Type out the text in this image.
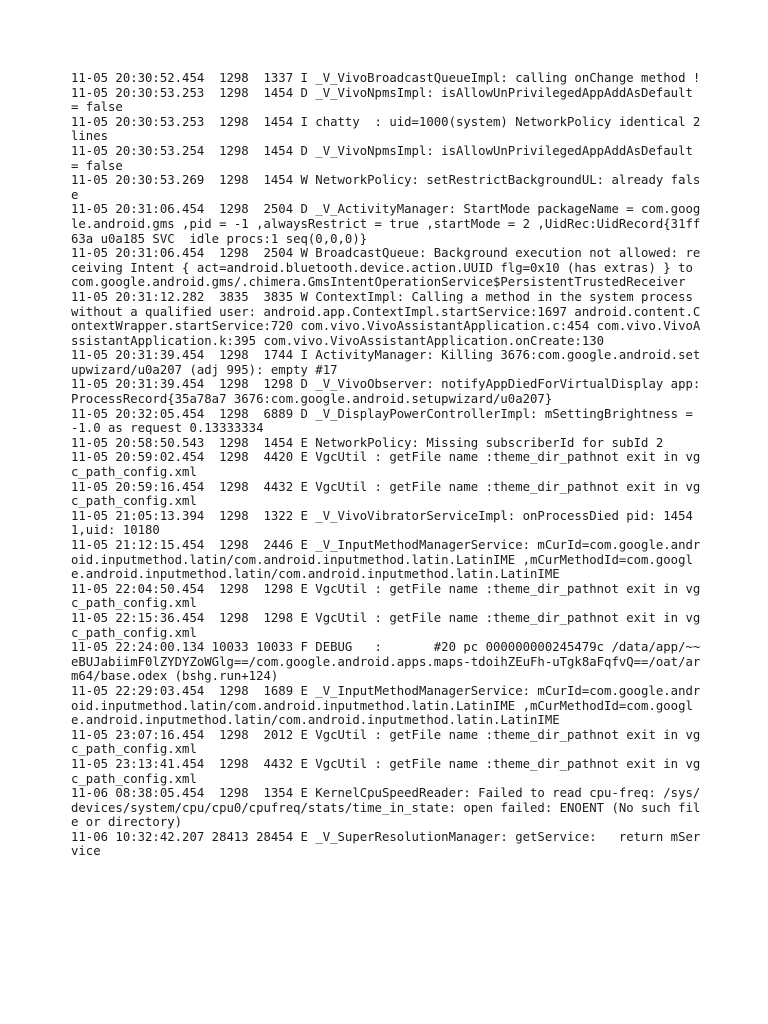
11-05 20:30:52.454  1298  1337 I _V_VivoBroadcastQueueImpl: calling onChange method !

11-05 20:30:53.253  1298  1454 D _V_VivoNpmsImpl: isAllowUnPrivilegedAppAddAsDefault = false

11-05 20:30:53.253  1298  1454 I chatty  : uid=1000(system) NetworkPolicy identical 2 lines

11-05 20:30:53.254  1298  1454 D _V_VivoNpmsImpl: isAllowUnPrivilegedAppAddAsDefault = false

11-05 20:30:53.269  1298  1454 W NetworkPolicy: setRestrictBackgroundUL: already false

11-05 20:31:06.454  1298  2504 D _V_ActivityManager: StartMode packageName = com.google.android.gms ,pid = -1 ,alwaysRestrict = true ,startMode = 2 ,UidRec:UidRecord{31ff63a u0a185 SVC  idle procs:1 seq(0,0,0)}

11-05 20:31:06.454  1298  2504 W BroadcastQueue: Background execution not allowed: receiving Intent { act=android.bluetooth.device.action.UUID flg=0x10 (has extras) } to com.google.android.gms/.chimera.GmsIntentOperationService$PersistentTrustedReceiver

11-05 20:31:12.282  3835  3835 W ContextImpl: Calling a method in the system process without a qualified user: android.app.ContextImpl.startService:1697 android.content.ContextWrapper.startService:720 com.vivo.VivoAssistantApplication.c:454 com.vivo.VivoAssistantApplication.k:395 com.vivo.VivoAssistantApplication.onCreate:130

11-05 20:31:39.454  1298  1744 I ActivityManager: Killing 3676:com.google.android.setupwizard/u0a207 (adj 995): empty #17

11-05 20:31:39.454  1298  1298 D _V_VivoObserver: notifyAppDiedForVirtualDisplay app: ProcessRecord{35a78a7 3676:com.google.android.setupwizard/u0a207}

11-05 20:32:05.454  1298  6889 D _V_DisplayPowerControllerImpl: mSettingBrightness = -1.0 as request 0.13333334

11-05 20:58:50.543  1298  1454 E NetworkPolicy: Missing subscriberId for subId 2

11-05 20:59:02.454  1298  4420 E VgcUtil : getFile name :theme_dir_pathnot exit in vgc_path_config.xml

11-05 20:59:16.454  1298  4432 E VgcUtil : getFile name :theme_dir_pathnot exit in vgc_path_config.xml

11-05 21:05:13.394  1298  1322 E _V_VivoVibratorServiceImpl: onProcessDied pid: 14541,uid: 10180

11-05 21:12:15.454  1298  2446 E _V_InputMethodManagerService: mCurId=com.google.android.inputmethod.latin/com.android.inputmethod.latin.LatinIME ,mCurMethodId=com.google.android.inputmethod.latin/com.android.inputmethod.latin.LatinIME

11-05 22:04:50.454  1298  1298 E VgcUtil : getFile name :theme_dir_pathnot exit in vgc_path_config.xml

11-05 22:15:36.454  1298  1298 E VgcUtil : getFile name :theme_dir_pathnot exit in vgc_path_config.xml

11-05 22:24:00.134 10033 10033 F DEBUG   :       #20 pc 000000000245479c /data/app/~~eBUJabiimF0lZYDYZoWGlg==/com.google.android.apps.maps-tdoihZEuFh-uTgk8aFqfvQ==/oat/arm64/base.odex (bshg.run+124)

11-05 22:29:03.454  1298  1689 E _V_InputMethodManagerService: mCurId=com.google.android.inputmethod.latin/com.android.inputmethod.latin.LatinIME ,mCurMethodId=com.google.android.inputmethod.latin/com.android.inputmethod.latin.LatinIME

11-05 23:07:16.454  1298  2012 E VgcUtil : getFile name :theme_dir_pathnot exit in vgc_path_config.xml

11-05 23:13:41.454  1298  4432 E VgcUtil : getFile name :theme_dir_pathnot exit in vgc_path_config.xml

11-06 08:38:05.454  1298  1354 E KernelCpuSpeedReader: Failed to read cpu-freq: /sys/devices/system/cpu/cpu0/cpufreq/stats/time_in_state: open failed: ENOENT (No such file or directory)

11-06 10:32:42.207 28413 28454 E _V_SuperResolutionManager: getService:   return mService
